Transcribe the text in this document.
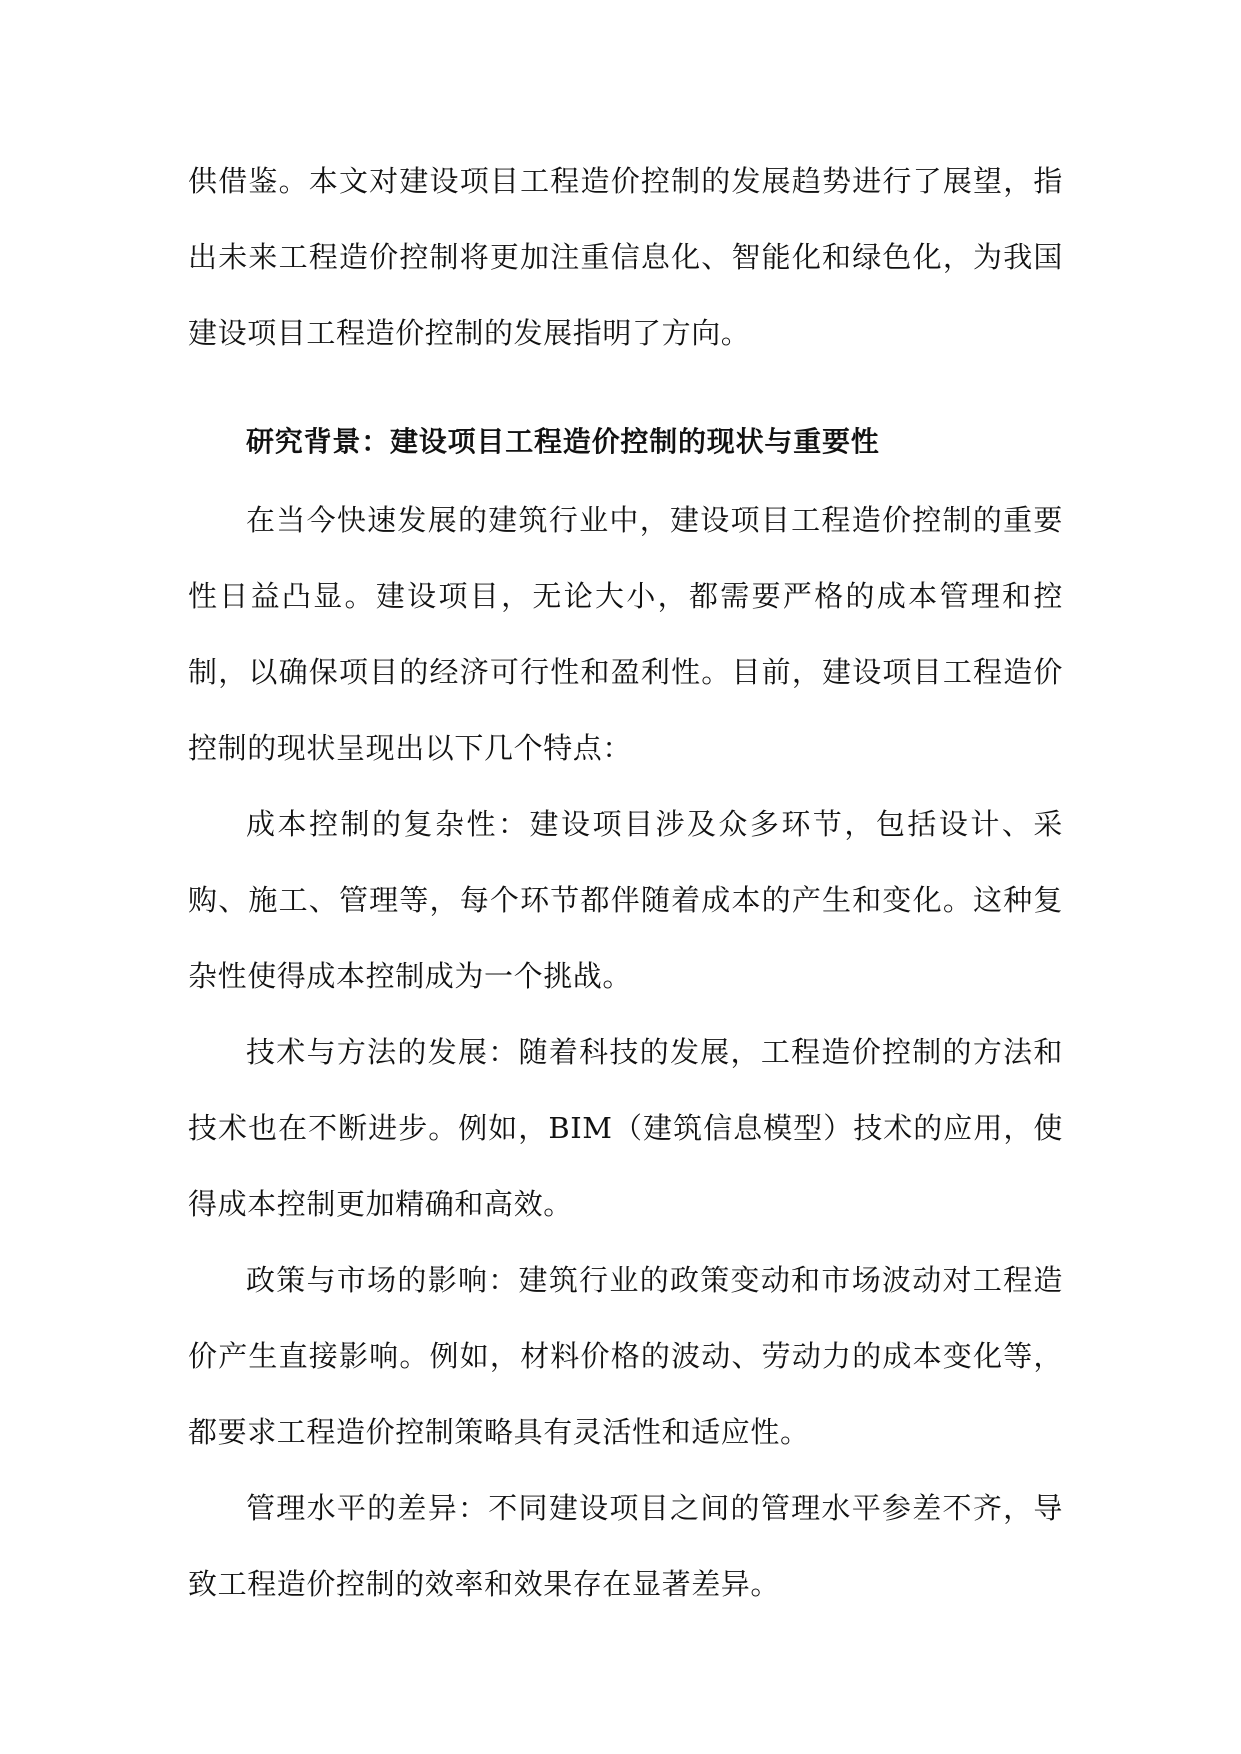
供借鉴。本文对建设项目工程造价控制的发展趋势进行了展望，指出未来工程造价控制将更加注重信息化、智能化和绿色化，为我国建设项目工程造价控制的发展指明了方向。

研究背景：建设项目工程造价控制的现状与重要性

在当今快速发展的建筑行业中，建设项目工程造价控制的重要性日益凸显。建设项目，无论大小，都需要严格的成本管理和控制，以确保项目的经济可行性和盈利性。目前，建设项目工程造价控制的现状呈现出以下几个特点：

成本控制的复杂性：建设项目涉及众多环节，包括设计、采购、施工、管理等，每个环节都伴随着成本的产生和变化。这种复杂性使得成本控制成为一个挑战。

技术与方法的发展：随着科技的发展，工程造价控制的方法和技术也在不断进步。例如，BIM（建筑信息模型）技术的应用，使得成本控制更加精确和高效。

政策与市场的影响：建筑行业的政策变动和市场波动对工程造价产生直接影响。例如，材料价格的波动、劳动力的成本变化等，都要求工程造价控制策略具有灵活性和适应性。

管理水平的差异：不同建设项目之间的管理水平参差不齐，导致工程造价控制的效率和效果存在显著差异。
